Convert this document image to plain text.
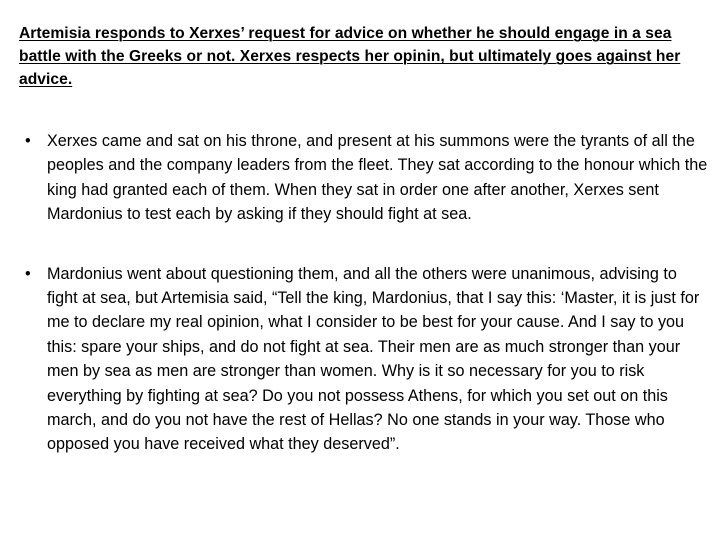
Artemisia responds to Xerxes’ request for advice on whether he should engage in a sea battle with the Greeks or not. Xerxes respects her opinin, but ultimately goes against her advice.
•	Xerxes came and sat on his throne, and present at his summons were the tyrants of all the peoples and the company leaders from the fleet. They sat according to the honour which the king had granted each of them. When they sat in order one after another, Xerxes sent Mardonius to test each by asking if they should fight at sea.
•	Mardonius went about questioning them, and all the others were unanimous, advising to fight at sea, but Artemisia said, “Tell the king, Mardonius, that I say this: ‘Master, it is just for me to declare my real opinion, what I consider to be best for your cause. And I say to you this: spare your ships, and do not fight at sea. Their men are as much stronger than your men by sea as men are stronger than women. Why is it so necessary for you to risk everything by fighting at sea? Do you not possess Athens, for which you set out on this march, and do you not have the rest of Hellas? No one stands in your way. Those who opposed you have received what they deserved”.
